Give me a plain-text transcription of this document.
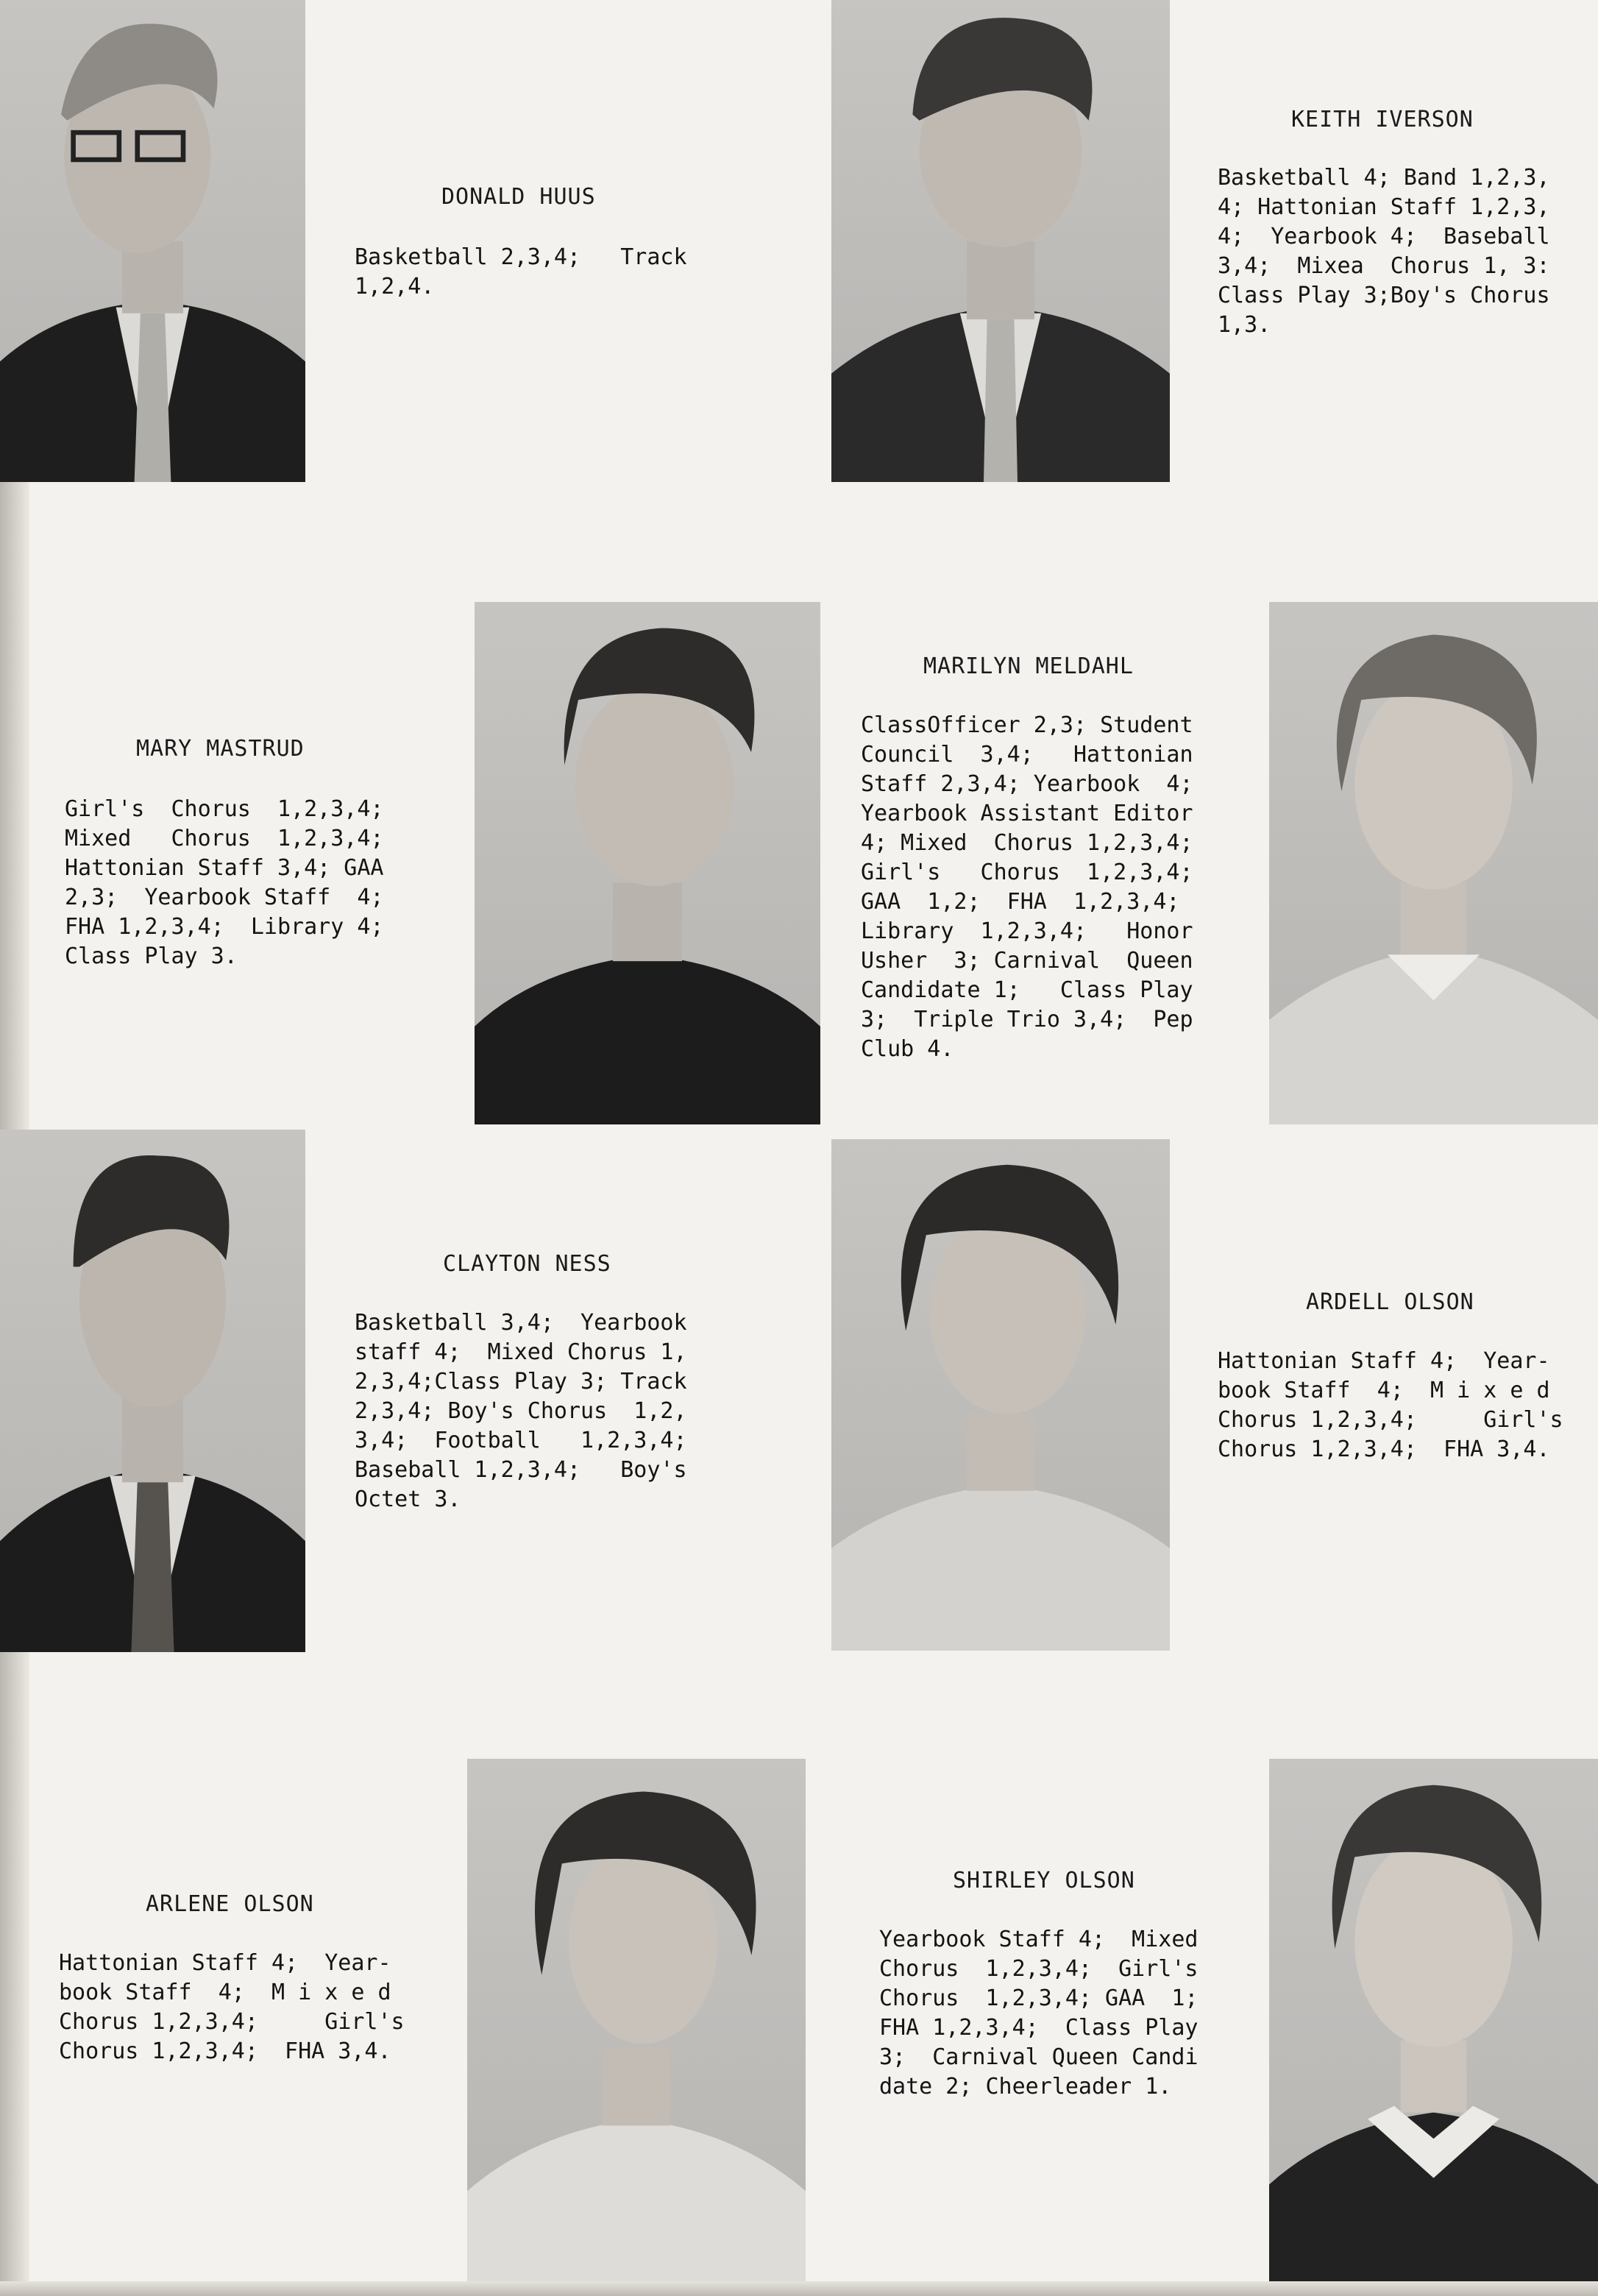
DONALD HUUS
Basketball 2,3,4;   Track
1,2,4.
KEITH IVERSON
Basketball 4; Band 1,2,3,
4; Hattonian Staff 1,2,3,
4;  Yearbook 4;  Baseball
3,4;  Mixea  Chorus 1, 3:
Class Play 3;Boy's Chorus
1,3.
MARY MASTRUD
Girl's  Chorus  1,2,3,4;
Mixed   Chorus  1,2,3,4;
Hattonian Staff 3,4; GAA
2,3;  Yearbook Staff  4;
FHA 1,2,3,4;  Library 4;
Class Play 3.
MARILYN MELDAHL
ClassOfficer 2,3; Student
Council  3,4;   Hattonian
Staff 2,3,4; Yearbook  4;
Yearbook Assistant Editor
4; Mixed  Chorus 1,2,3,4;
Girl's   Chorus  1,2,3,4;
GAA  1,2;  FHA  1,2,3,4;
Library  1,2,3,4;   Honor
Usher  3; Carnival  Queen
Candidate 1;   Class Play
3;  Triple Trio 3,4;  Pep
Club 4.
CLAYTON NESS
Basketball 3,4;  Yearbook
staff 4;  Mixed Chorus 1,
2,3,4;Class Play 3; Track
2,3,4; Boy's Chorus  1,2,
3,4;  Football   1,2,3,4;
Baseball 1,2,3,4;   Boy's
Octet 3.
ARDELL OLSON
Hattonian Staff 4;  Year-
book Staff  4;  M i x e d
Chorus 1,2,3,4;     Girl's
Chorus 1,2,3,4;  FHA 3,4.
ARLENE OLSON
Hattonian Staff 4;  Year-
book Staff  4;  M i x e d
Chorus 1,2,3,4;     Girl's
Chorus 1,2,3,4;  FHA 3,4.
SHIRLEY OLSON
Yearbook Staff 4;  Mixed
Chorus  1,2,3,4;  Girl's
Chorus  1,2,3,4; GAA  1;
FHA 1,2,3,4;  Class Play
3;  Carnival Queen Candi
date 2; Cheerleader 1.
